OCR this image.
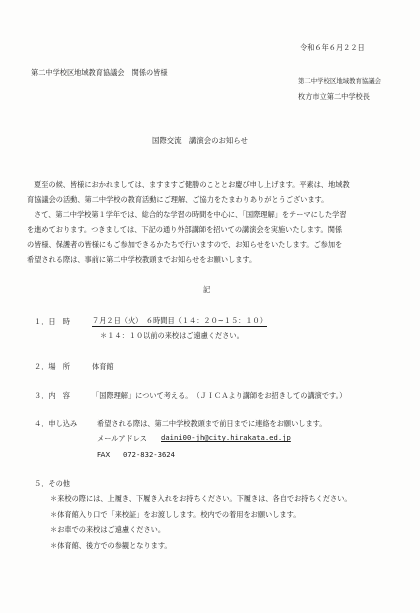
令和６年６月２２日
第二中学校区地域教育協議会　関係の皆様
第二中学校区地域教育協議会
枚方市立第二中学校長
国際交流　講演会のお知らせ
夏至の候、皆様におかれましては、ますますご健勝のこととお慶び申し上げます。平素は、地域教
育協議会の活動、第二中学校の教育活動にご理解、ご協力をたまわりありがとうございます。
さて、第二中学校第１学年では、総合的な学習の時間を中心に、「国際理解」をテーマにした学習
を進めております。つきましては、下記の通り外部講師を招いての講演会を実施いたします。関係
の皆様、保護者の皆様にもご参加できるかたちで行いますので、お知らせをいたします。ご参加を
希望される際は、事前に第二中学校教頭までお知らせをお願いします。
記
１．日　時	７月２日（火）　６時間目（１４：２０~１５：１０）
＊１４：１０以前の来校はご遠慮ください。
２．場　所	体育館
３．内　容	「国際理解」について考える。　（ＪＩＣＡより講師をお招きしての講演です。）
４．申し込み	希望される際は、第二中学校教頭まで前日までに連絡をお願いします。
メールアドレス daini00-jh@city.hirakata.ed.jp
FAX 072-832-3624
５．その他
＊来校の際には、上履き、下履き入れをお持ちください。下履きは、各自でお持ちください。
＊体育館入り口で「来校証」をお渡しします。校内での着用をお願いします。
＊お車での来校はご遠慮ください。
＊体育館、後方での参観となります。
